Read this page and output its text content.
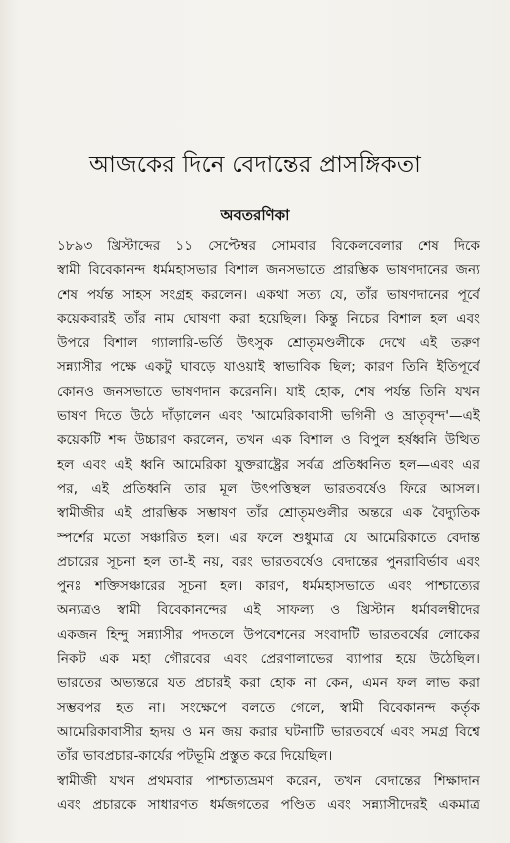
আজকের দিনে বেদান্তের প্রাসঙ্গিকতা
অবতরণিকা
১৮৯৩ খ্রিস্টাব্দের ১১ সেপ্টেম্বর সোমবার বিকেলবেলার শেষ দিকে
স্বামী বিবেকানন্দ ধর্মমহাসভার বিশাল জনসভাতে প্রারম্ভিক ভাষণদানের জন্য
শেষ পর্যন্ত সাহস সংগ্রহ করলেন। একথা সত্য যে, তাঁর ভাষণদানের পূর্বে
কয়েকবারই তাঁর নাম ঘোষণা করা হয়েছিল। কিন্তু নিচের বিশাল হল এবং
উপরে বিশাল গ্যালারি-ভর্তি উৎসুক শ্রোতৃমণ্ডলীকে দেখে এই তরুণ
সন্ন্যাসীর পক্ষে একটু ঘাবড়ে যাওয়াই স্বাভাবিক ছিল; কারণ তিনি ইতিপূর্বে
কোনও জনসভাতে ভাষণদান করেননি। যাই হোক, শেষ পর্যন্ত তিনি যখন
ভাষণ দিতে উঠে দাঁড়ালেন এবং 'আমেরিকাবাসী ভগিনী ও ভ্রাতৃবৃন্দ'—এই
কয়েকটি শব্দ উচ্চারণ করলেন, তখন এক বিশাল ও বিপুল হর্ষধ্বনি উত্থিত
হল এবং এই ধ্বনি আমেরিকা যুক্তরাষ্ট্রের সর্বত্র প্রতিধ্বনিত হল—এবং এর
পর, এই প্রতিধ্বনি তার মূল উৎপত্তিস্থল ভারতবর্ষেও ফিরে আসল।
স্বামীজীর এই প্রারম্ভিক সম্ভাষণ তাঁর শ্রোতৃমণ্ডলীর অন্তরে এক বৈদ্যুতিক
স্পর্শের মতো সঞ্চারিত হল। এর ফলে শুধুমাত্র যে আমেরিকাতে বেদান্ত
প্রচারের সূচনা হল তা-ই নয়, বরং ভারতবর্ষেও বেদান্তের পুনরাবির্ভাব এবং
পুনঃ শক্তিসঞ্চারের সূচনা হল। কারণ, ধর্মমহাসভাতে এবং পাশ্চাত্যের
অন্যত্রও স্বামী বিবেকানন্দের এই সাফল্য ও খ্রিস্টান ধর্মাবলম্বীদের
একজন হিন্দু সন্ন্যাসীর পদতলে উপবেশনের সংবাদটি ভারতবর্ষের লোকের
নিকট এক মহা গৌরবের এবং প্রেরণালাভের ব্যাপার হয়ে উঠেছিল।
ভারতের অভ্যন্তরে যত প্রচারই করা হোক না কেন, এমন ফল লাভ করা
সম্ভবপর হত না। সংক্ষেপে বলতে গেলে, স্বামী বিবেকানন্দ কর্তৃক
আমেরিকাবাসীর হৃদয় ও মন জয় করার ঘটনাটি ভারতবর্ষে এবং সমগ্র বিশ্বে
তাঁর ভাবপ্রচার-কার্যের পটভূমি প্রস্তুত করে দিয়েছিল।
স্বামীজী যখন প্রথমবার পাশ্চাত্যভ্রমণ করেন, তখন বেদান্তের শিক্ষাদান
এবং প্রচারকে সাধারণত ধর্মজগতের পণ্ডিত এবং সন্ন্যাসীদেরই একমাত্র
